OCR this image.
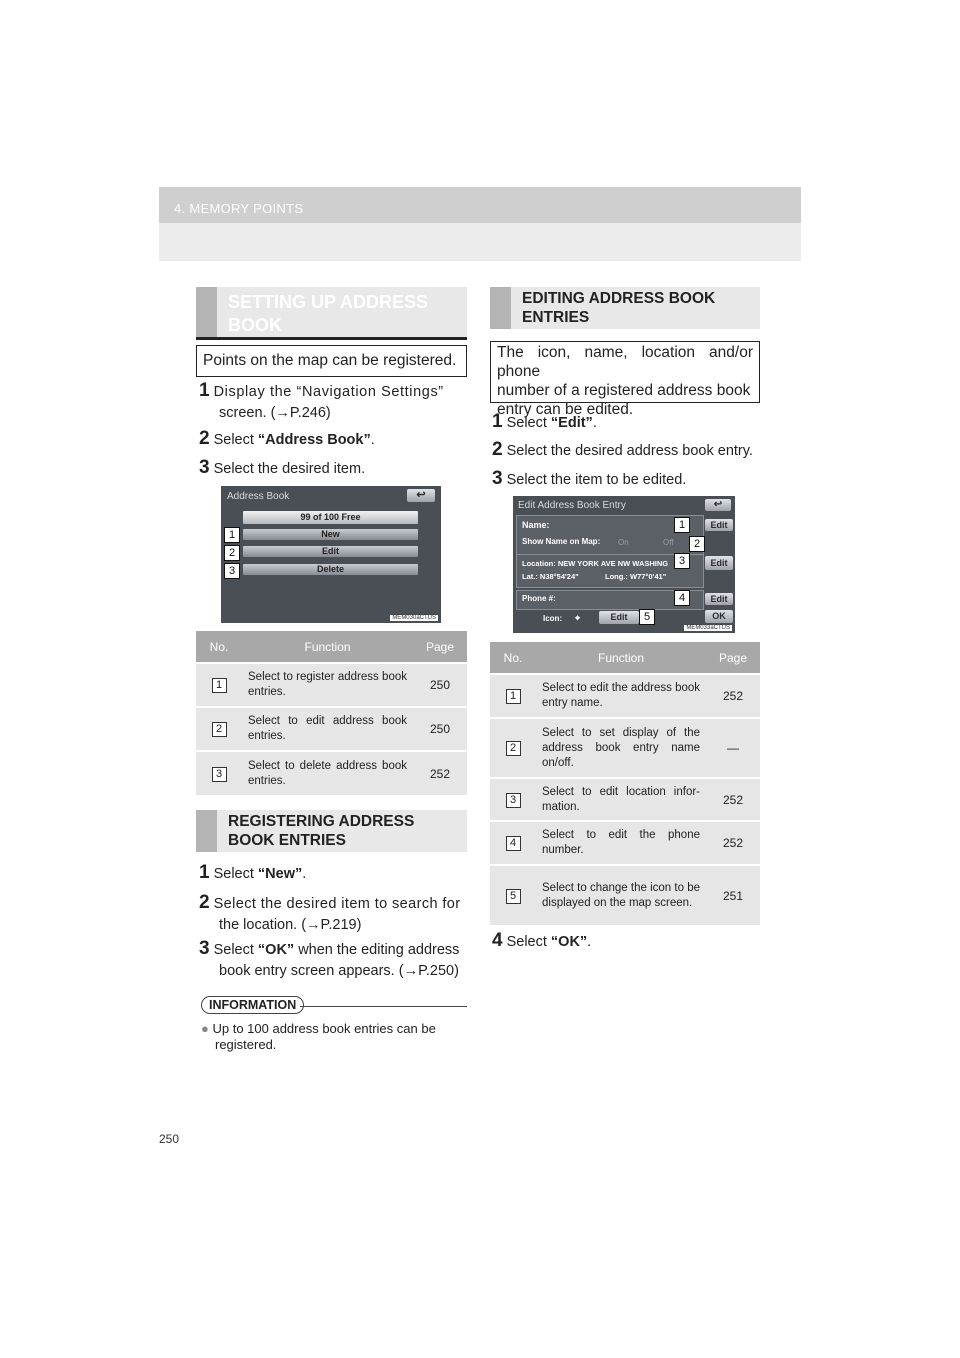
4. MEMORY POINTS
SETTING UP ADDRESS
BOOK
Points on the map can be registered.
1 Display the “Navigation Settings”
screen. (→P.246)
2 Select “Address Book”.
3 Select the desired item.
Address Book	↩
99 of 100 Free
New
Edit
Delete
1
2
3
MEM030aCTUS
No.	Function	Page
1	Select to register address book entries.	250
2	Select to edit address book entries.	250
3	Select to delete address book entries.	252
REGISTERING ADDRESS
BOOK ENTRIES
1 Select “New”.
2 Select the desired item to search for
the location. (→P.219)
3 Select “OK” when the editing address
book entry screen appears. (→P.250)
INFORMATION
● Up to 100 address book entries can be
registered.
EDITING ADDRESS BOOK
ENTRIES
The icon, name, location and/or phone
number of a registered address book
entry can be edited.
1 Select “Edit”.
2 Select the desired address book entry.
3 Select the item to be edited.
Edit Address Book Entry	↩
Name:
Show Name on Map: On	Off
Location: NEW YORK AVE NW WASHING
Lat.: N38°54'24"	Long.: W77°0'41"
Phone #:
Icon: ⌖
Edit
Edit
Edit
OK
Edit
1
2
3
4
5
MEM033aCTUS
No.	Function	Page
1	Select to edit the address book entry name.	252
2	Select to set display of the address book entry name on/off.	—
3	Select to edit location infor-mation.	252
4	Select to edit the phone number.	252
5	Select to change the icon to be displayed on the map screen.	251
4 Select “OK”.
250
